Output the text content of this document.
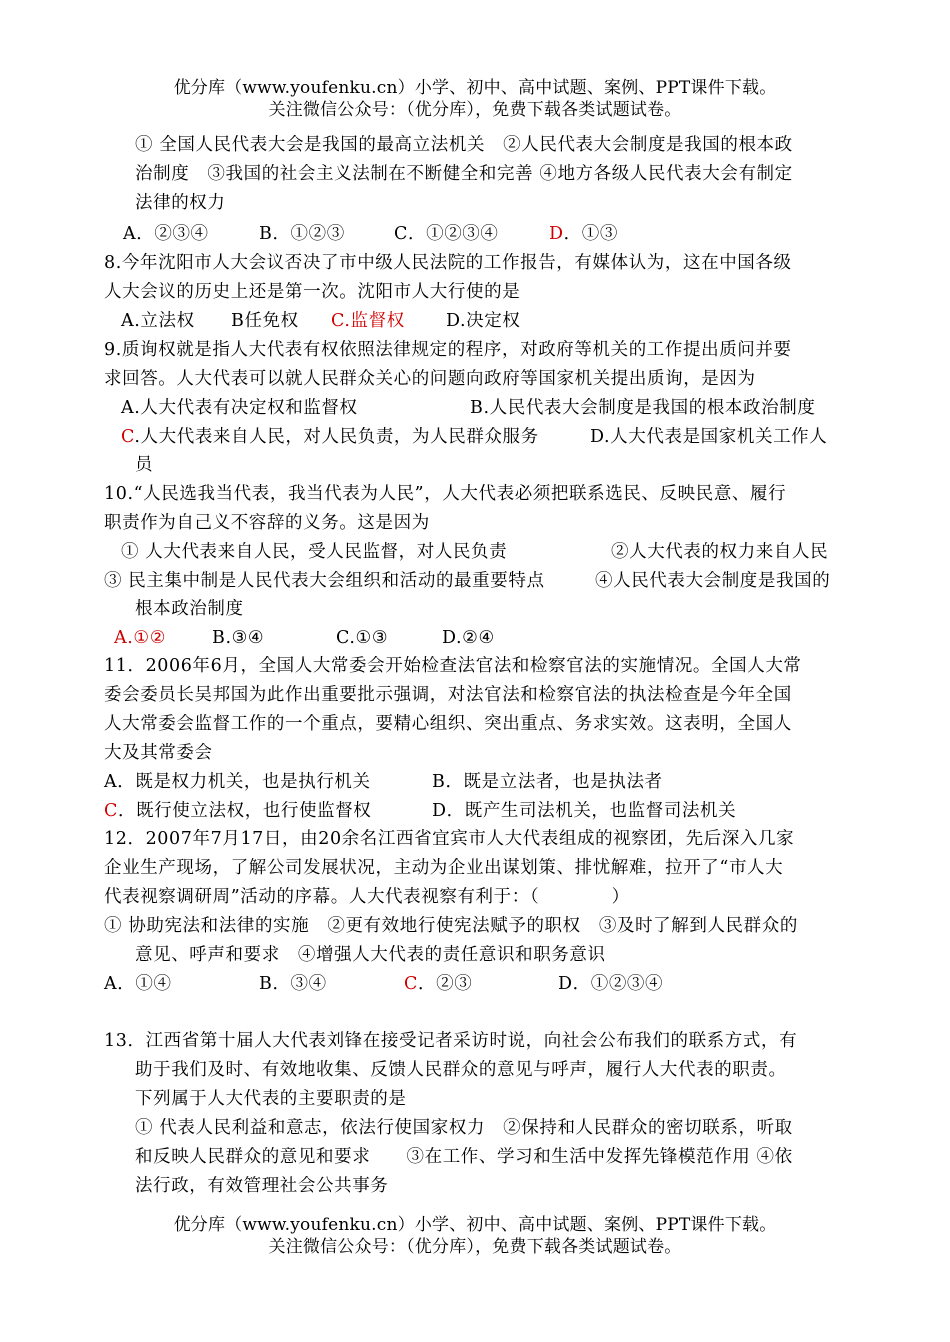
优分库（www.youfenku.cn）小学、初中、高中试题、案例、PPT课件下载。
关注微信公众号：（优分库），免费下载各类试题试卷。
① 全国人民代表大会是我国的最高立法机关　②人民代表大会制度是我国的根本政
治制度　③我国的社会主义法制在不断健全和完善 ④地方各级人民代表大会有制定
法律的权力
A．②③④	B．①②③	C．①②③④	D．①③
8.今年沈阳市人大会议否决了市中级人民法院的工作报告，有媒体认为，这在中国各级
人大会议的历史上还是第一次。沈阳市人大行使的是
A.立法权 B任免权 C.监督权 D.决定权
9.质询权就是指人大代表有权依照法律规定的程序，对政府等机关的工作提出质问并要
求回答。人大代表可以就人民群众关心的问题向政府等国家机关提出质询，是因为
A.人大代表有决定权和监督权	B.人民代表大会制度是我国的根本政治制度
C.人大代表来自人民，对人民负责，为人民群众服务	D.人大代表是国家机关工作人
员
10.“人民选我当代表，我当代表为人民”，人大代表必须把联系选民、反映民意、履行
职责作为自己义不容辞的义务。这是因为
① 人大代表来自人民，受人民监督，对人民负责	②人大代表的权力来自人民
③ 民主集中制是人民代表大会组织和活动的最重要特点	④人民代表大会制度是我国的
根本政治制度
A.①②	B.③④	C.①③	D.②④
11．2006年6月，全国人大常委会开始检查法官法和检察官法的实施情况。全国人大常
委会委员长吴邦国为此作出重要批示强调，对法官法和检察官法的执法检查是今年全国
人大常委会监督工作的一个重点，要精心组织、突出重点、务求实效。这表明，全国人
大及其常委会
A．既是权力机关，也是执行机关	B．既是立法者，也是执法者
C．既行使立法权，也行使监督权	D．既产生司法机关，也监督司法机关
12．2007年7月17日，由20余名江西省宜宾市人大代表组成的视察团，先后深入几家
企业生产现场，了解公司发展状况，主动为企业出谋划策、排忧解难，拉开了“市人大
代表视察调研周”活动的序幕。人大代表视察有利于：（　　　　）
① 协助宪法和法律的实施　②更有效地行使宪法赋予的职权　③及时了解到人民群众的
意见、呼声和要求　④增强人大代表的责任意识和职务意识
A．①④	B．③④	C．②③	D．①②③④
13．江西省第十届人大代表刘锋在接受记者采访时说，向社会公布我们的联系方式，有
助于我们及时、有效地收集、反馈人民群众的意见与呼声，履行人大代表的职责。
下列属于人大代表的主要职责的是
① 代表人民利益和意志，依法行使国家权力　②保持和人民群众的密切联系，听取
和反映人民群众的意见和要求　　③在工作、学习和生活中发挥先锋模范作用 ④依
法行政，有效管理社会公共事务
优分库（www.youfenku.cn）小学、初中、高中试题、案例、PPT课件下载。
关注微信公众号：（优分库），免费下载各类试题试卷。
